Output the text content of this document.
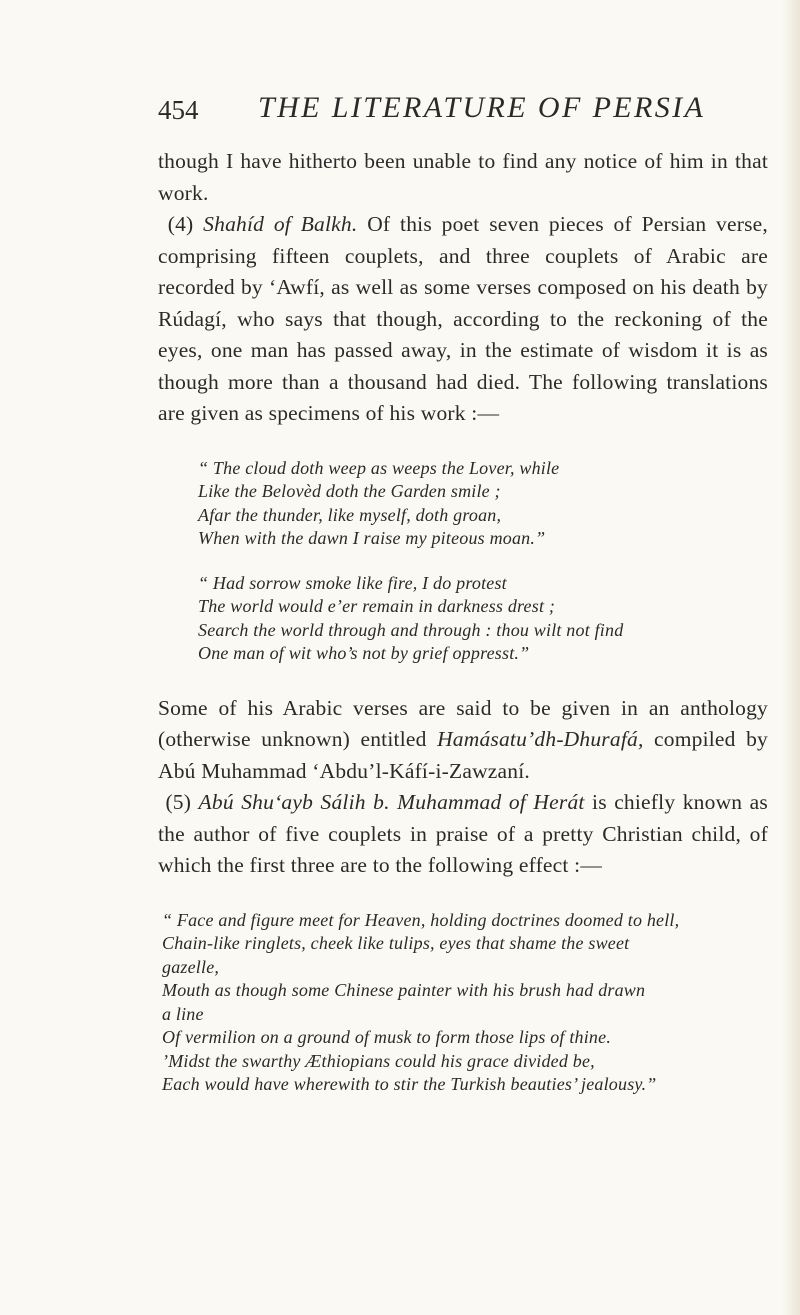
454 THE LITERATURE OF PERSIA

though I have hitherto been unable to find any notice of him in that work.

(4) Shahíd of Balkh. Of this poet seven pieces of Persian verse, comprising fifteen couplets, and three couplets of Arabic are recorded by ‘Awfí, as well as some verses composed on his death by Rúdagí, who says that though, according to the reckoning of the eyes, one man has passed away, in the estimate of wisdom it is as though more than a thousand had died. The following translations are given as specimens of his work :—

“ The cloud doth weep as weeps the Lover, while
Like the Belovèd doth the Garden smile ;
Afar the thunder, like myself, doth groan,
When with the dawn I raise my piteous moan.”
“ Had sorrow smoke like fire, I do protest
The world would e’er remain in darkness drest ;
Search the world through and through : thou wilt not find
One man of wit who’s not by grief oppresst.”

Some of his Arabic verses are said to be given in an anthology (otherwise unknown) entitled Hamásatu’dh-Dhurafá, compiled by Abú Muhammad ‘Abdu’l-Káfí-i-Zawzaní.

(5) Abú Shu‘ayb Sálih b. Muhammad of Herát is chiefly known as the author of five couplets in praise of a pretty Christian child, of which the first three are to the following effect :—

“ Face and figure meet for Heaven, holding doctrines doomed to hell,
Chain-like ringlets, cheek like tulips, eyes that shame the sweet
gazelle,
Mouth as though some Chinese painter with his brush had drawn
a line
Of vermilion on a ground of musk to form those lips of thine.
’Midst the swarthy Æthiopians could his grace divided be,
Each would have wherewith to stir the Turkish beauties’ jealousy.”
